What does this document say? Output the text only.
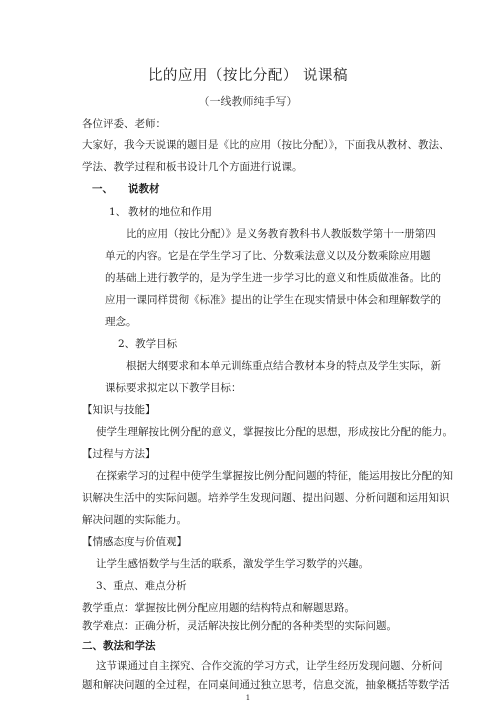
比的应用（按比分配） 说课稿
（一线教师纯手写）
各位评委、老师：
大家好，我今天说课的题目是《比的应用（按比分配）》，下面我从教材、教法、
学法、教学过程和板书设计几个方面进行说课。
一、 说教材
1、 教材的地位和作用
比的应用（按比分配）》是义务教育教科书人教版数学第十一册第四
单元的内容。它是在学生学习了比、分数乘法意义以及分数乘除应用题
的基础上进行教学的，是为学生进一步学习比的意义和性质做准备。比的
应用一课同样贯彻《标准》提出的让学生在现实情景中体会和理解数学的
理念。
2、教学目标
根据大纲要求和本单元训练重点结合教材本身的特点及学生实际，新
课标要求拟定以下教学目标：
【知识与技能】
使学生理解按比例分配的意义，掌握按比分配的思想，形成按比分配的能力。
【过程与方法】
在探索学习的过程中使学生掌握按比例分配问题的特征，能运用按比分配的知
识解决生活中的实际问题。培养学生发现问题、提出问题、分析问题和运用知识
解决问题的实际能力。
【情感态度与价值观】
让学生感悟数学与生活的联系，激发学生学习数学的兴趣。
3、重点、难点分析
教学重点：掌握按比例分配应用题的结构特点和解题思路。
教学难点：正确分析，灵活解决按比例分配的各种类型的实际问题。
二、教法和学法
这节课通过自主探究、合作交流的学习方式，让学生经历发现问题、分析问
题和解决问题的全过程，在同桌间通过独立思考，信息交流，抽象概括等数学活
1
